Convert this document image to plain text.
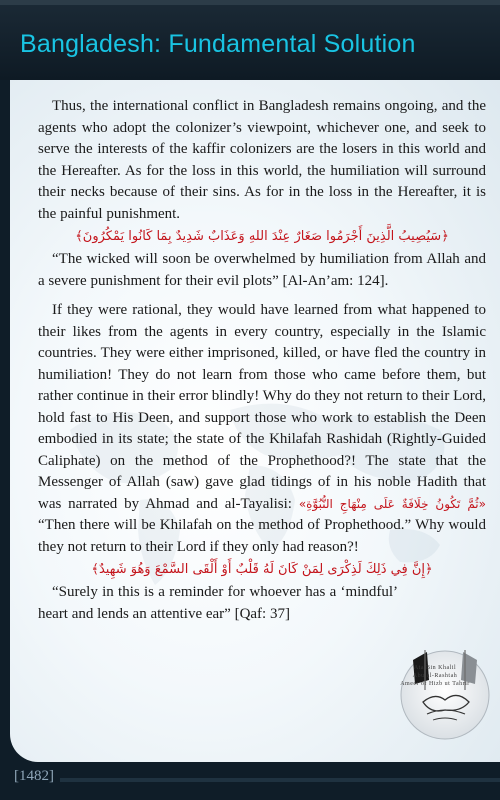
Bangladesh: Fundamental Solution

Thus, the international conflict in Bangladesh remains ongoing, and the agents who adopt the colonizer’s viewpoint, whichever one, and seek to serve the interests of the kaffir colonizers are the losers in this world and the Hereafter. As for the loss in this world, the humiliation will surround their necks because of their sins. As for in the loss in the Hereafter, it is the painful punishment.

﴿سَيُصِيبُ الَّذِينَ أَجْرَمُوا صَغَارٌ عِنْدَ اللهِ وَعَذَابٌ شَدِيدٌ بِمَا كَانُوا يَمْكُرُونَ﴾

“The wicked will soon be overwhelmed by humiliation from Allah and a severe punishment for their evil plots” [Al-An’am: 124].

If they were rational, they would have learned from what happened to their likes from the agents in every country, especially in the Islamic countries. They were either imprisoned, killed, or have fled the country in humiliation! They do not learn from those who came before them, but rather continue in their error blindly! Why do they not return to their Lord, hold fast to His Deen, and support those who work to establish the Deen embodied in its state; the state of the Khilafah Rashidah (Rightly-Guided Caliphate) on the method of the Prophethood?! The state that the Messenger of Allah (saw) gave glad tidings of in his noble Hadith that was narrated by Ahmad and al-Tayalisi: «ثُمَّ تَكُونُ خِلَافَةٌ عَلَى مِنْهَاجِ النُّبُوَّةِ» “Then there will be Khilafah on the method of Prophethood.” Why would they not return to their Lord if they only had reason?!

﴿إِنَّ فِي ذَلِكَ لَذِكْرَى لِمَنْ كَانَ لَهُ قَلْبٌ أَوْ أَلْقَى السَّمْعَ وَهُوَ شَهِيدٌ﴾

“Surely in this is a reminder for whoever has a ‘mindful’ heart and lends an attentive ear” [Qaf: 37]

Ata Bin Khalil
Abu al-Rashtah
Ameer of Hizb ut Tahrir
[1482]
